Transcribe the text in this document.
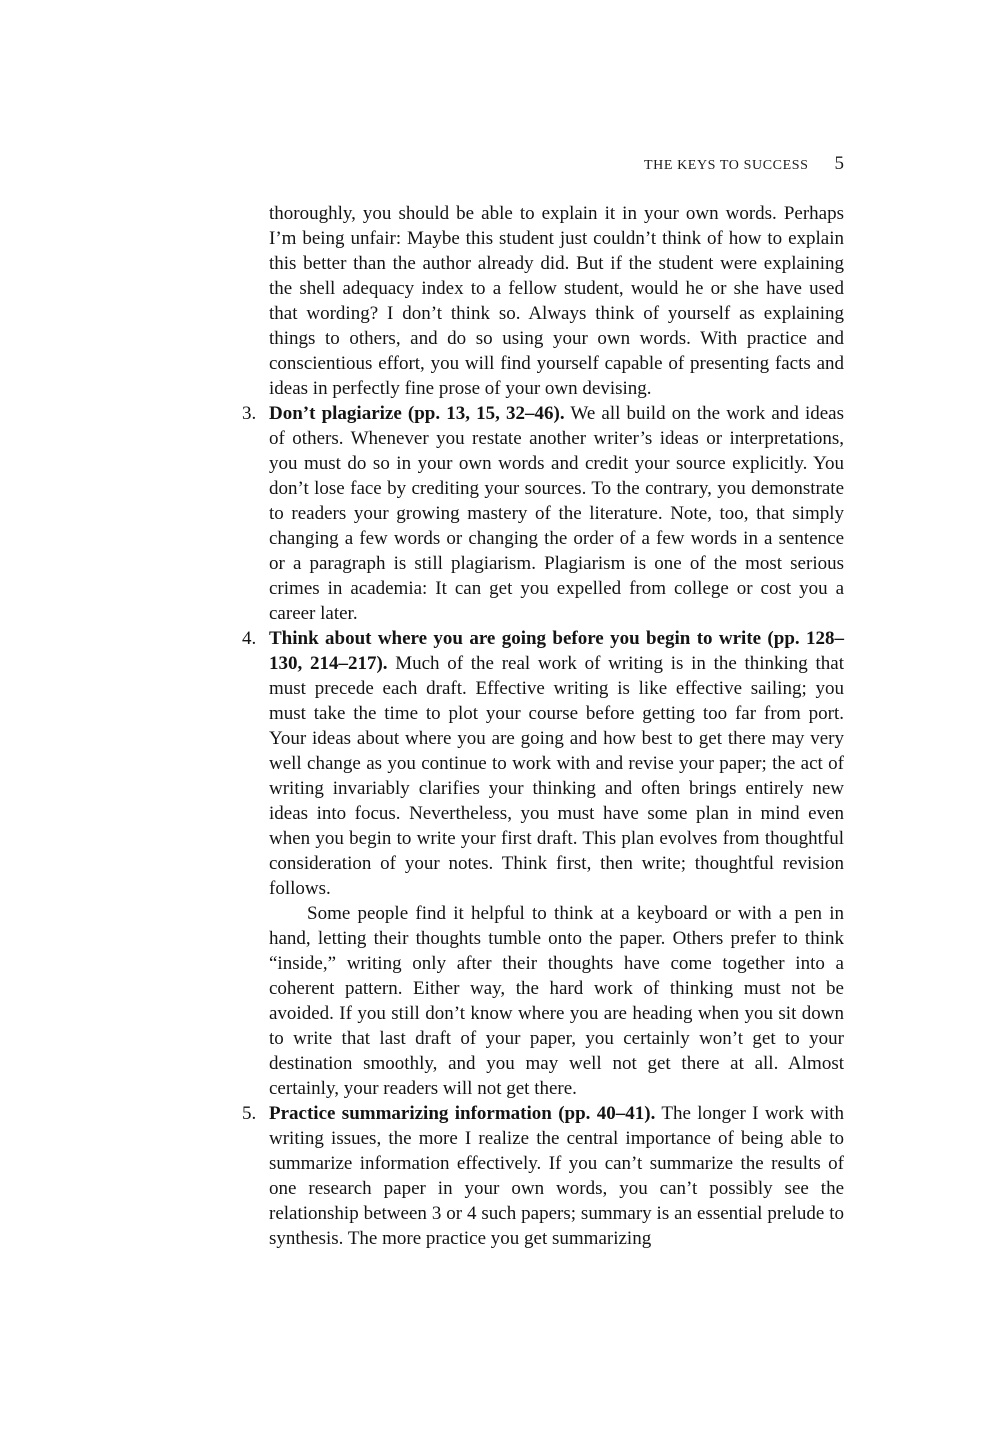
THE KEYS TO SUCCESS 5

thoroughly, you should be able to explain it in your own words. Perhaps I’m being unfair: Maybe this student just couldn’t think of how to explain this better than the author already did. But if the student were explaining the shell adequacy index to a fellow student, would he or she have used that wording? I don’t think so. Always think of yourself as explaining things to others, and do so using your own words. With practice and conscientious effort, you will find yourself capable of presenting facts and ideas in perfectly fine prose of your own devising.

3. Don’t plagiarize (pp. 13, 15, 32–46). We all build on the work and ideas of others. Whenever you restate another writer’s ideas or interpretations, you must do so in your own words and credit your source explicitly. You don’t lose face by crediting your sources. To the contrary, you demonstrate to readers your growing mastery of the literature. Note, too, that simply changing a few words or changing the order of a few words in a sentence or a paragraph is still plagiarism. Plagiarism is one of the most serious crimes in academia: It can get you expelled from college or cost you a career later.
4. Think about where you are going before you begin to write (pp. 128–130, 214–217). Much of the real work of writing is in the thinking that must precede each draft. Effective writing is like effective sailing; you must take the time to plot your course before getting too far from port. Your ideas about where you are going and how best to get there may very well change as you continue to work with and revise your paper; the act of writing invariably clarifies your thinking and often brings entirely new ideas into focus. Nevertheless, you must have some plan in mind even when you begin to write your first draft. This plan evolves from thoughtful consideration of your notes. Think first, then write; thoughtful revision follows.

Some people find it helpful to think at a keyboard or with a pen in hand, letting their thoughts tumble onto the paper. Others prefer to think “inside,” writing only after their thoughts have come together into a coherent pattern. Either way, the hard work of thinking must not be avoided. If you still don’t know where you are heading when you sit down to write that last draft of your paper, you certainly won’t get to your destination smoothly, and you may well not get there at all. Almost certainly, your readers will not get there.

5. Practice summarizing information (pp. 40–41). The longer I work with writing issues, the more I realize the central importance of being able to summarize information effectively. If you can’t summarize the results of one research paper in your own words, you can’t possibly see the relationship between 3 or 4 such papers; summary is an essential prelude to synthesis. The more practice you get summarizing
